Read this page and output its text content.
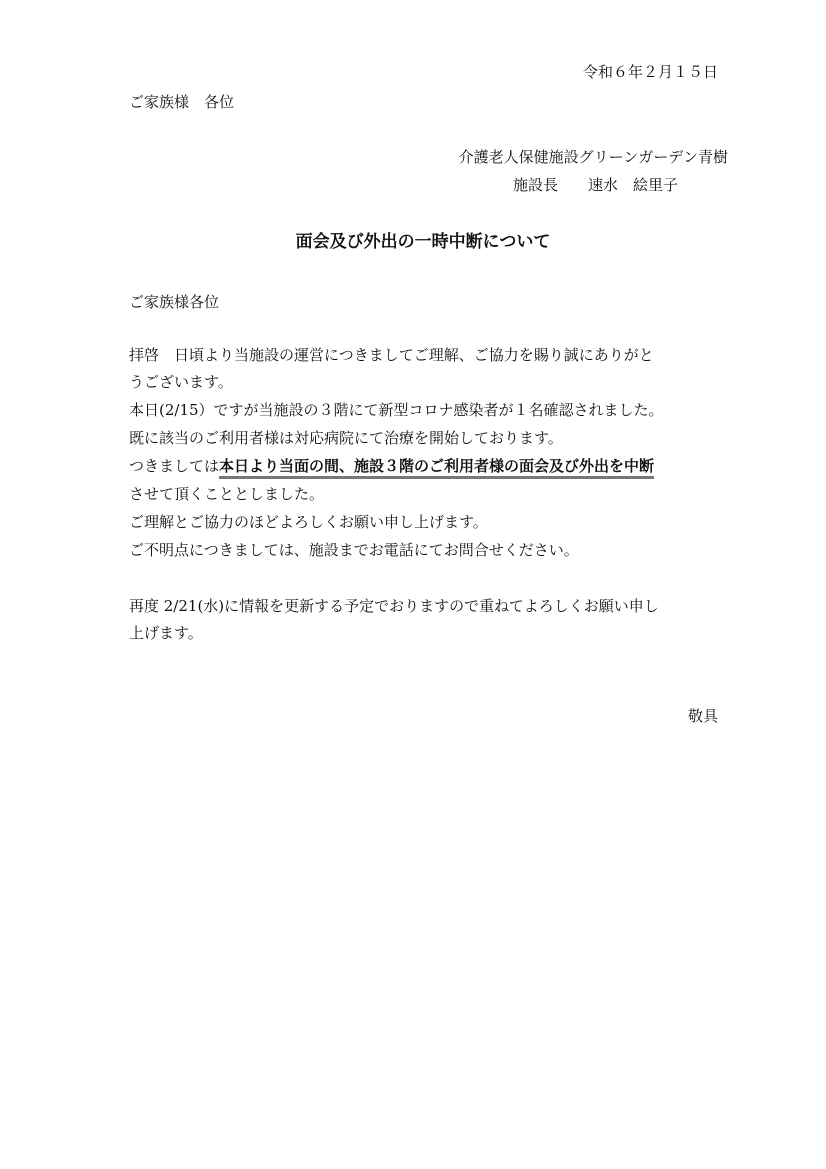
令和６年２月１５日
ご家族様　各位
介護老人保健施設グリーンガーデン青樹
施設長　　速水　絵里子
面会及び外出の一時中断について
ご家族様各位
拝啓　日頃より当施設の運営につきましてご理解、ご協力を賜り誠にありがと
うございます。
本日(2/15）ですが当施設の３階にて新型コロナ感染者が１名確認されました。
既に該当のご利用者様は対応病院にて治療を開始しております。
つきましては本日より当面の間、施設３階のご利用者様の面会及び外出を中断
させて頂くこととしました。
ご理解とご協力のほどよろしくお願い申し上げます。
ご不明点につきましては、施設までお電話にてお問合せください。
再度 2/21(水)に情報を更新する予定でおりますので重ねてよろしくお願い申し
上げます。
敬具
